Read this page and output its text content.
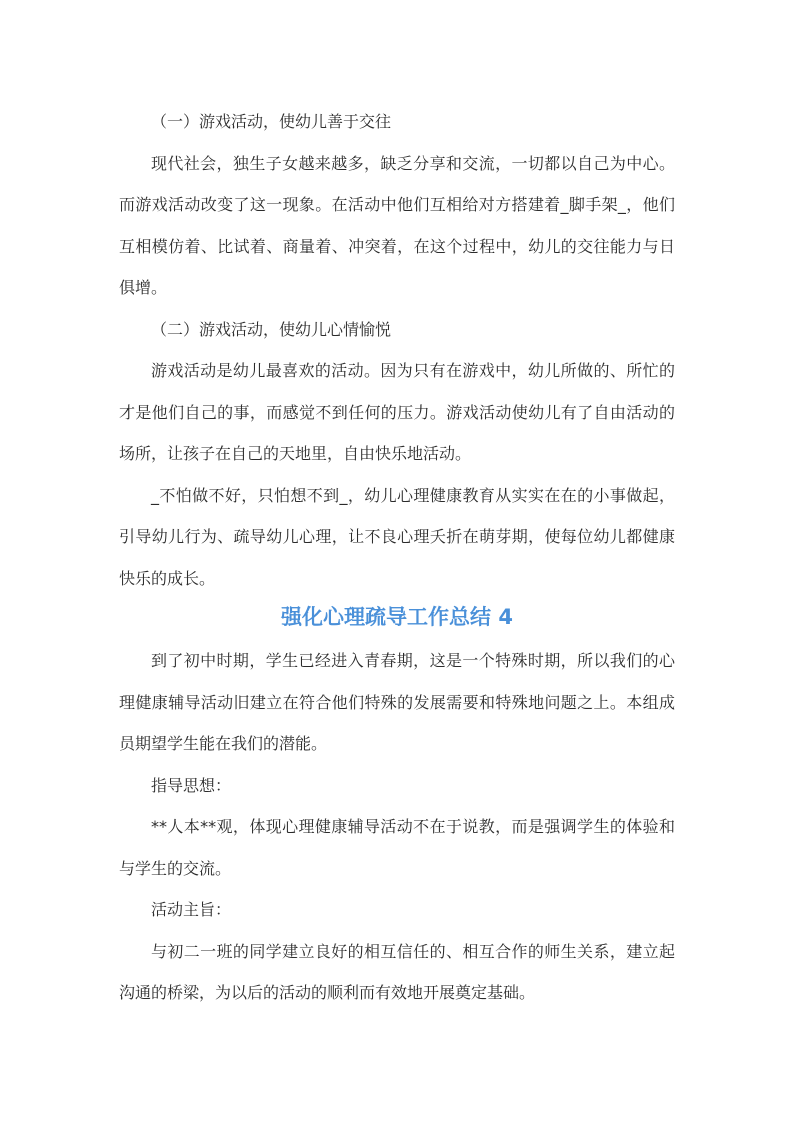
（一）游戏活动，使幼儿善于交往

现代社会，独生子女越来越多，缺乏分享和交流，一切都以自己为中心。而游戏活动改变了这一现象。在活动中他们互相给对方搭建着_脚手架_，他们互相模仿着、比试着、商量着、冲突着，在这个过程中，幼儿的交往能力与日俱增。

（二）游戏活动，使幼儿心情愉悦

游戏活动是幼儿最喜欢的活动。因为只有在游戏中，幼儿所做的、所忙的才是他们自己的事，而感觉不到任何的压力。游戏活动使幼儿有了自由活动的场所，让孩子在自己的天地里，自由快乐地活动。

_不怕做不好，只怕想不到_，幼儿心理健康教育从实实在在的小事做起，引导幼儿行为、疏导幼儿心理，让不良心理夭折在萌芽期，使每位幼儿都健康快乐的成长。

强化心理疏导工作总结 4

到了初中时期，学生已经进入青春期，这是一个特殊时期，所以我们的心理健康辅导活动旧建立在符合他们特殊的发展需要和特殊地问题之上。本组成员期望学生能在我们的潜能。

指导思想：

**人本**观，体现心理健康辅导活动不在于说教，而是强调学生的体验和与学生的交流。

活动主旨：

与初二一班的同学建立良好的相互信任的、相互合作的师生关系，建立起沟通的桥梁，为以后的活动的顺利而有效地开展奠定基础。
